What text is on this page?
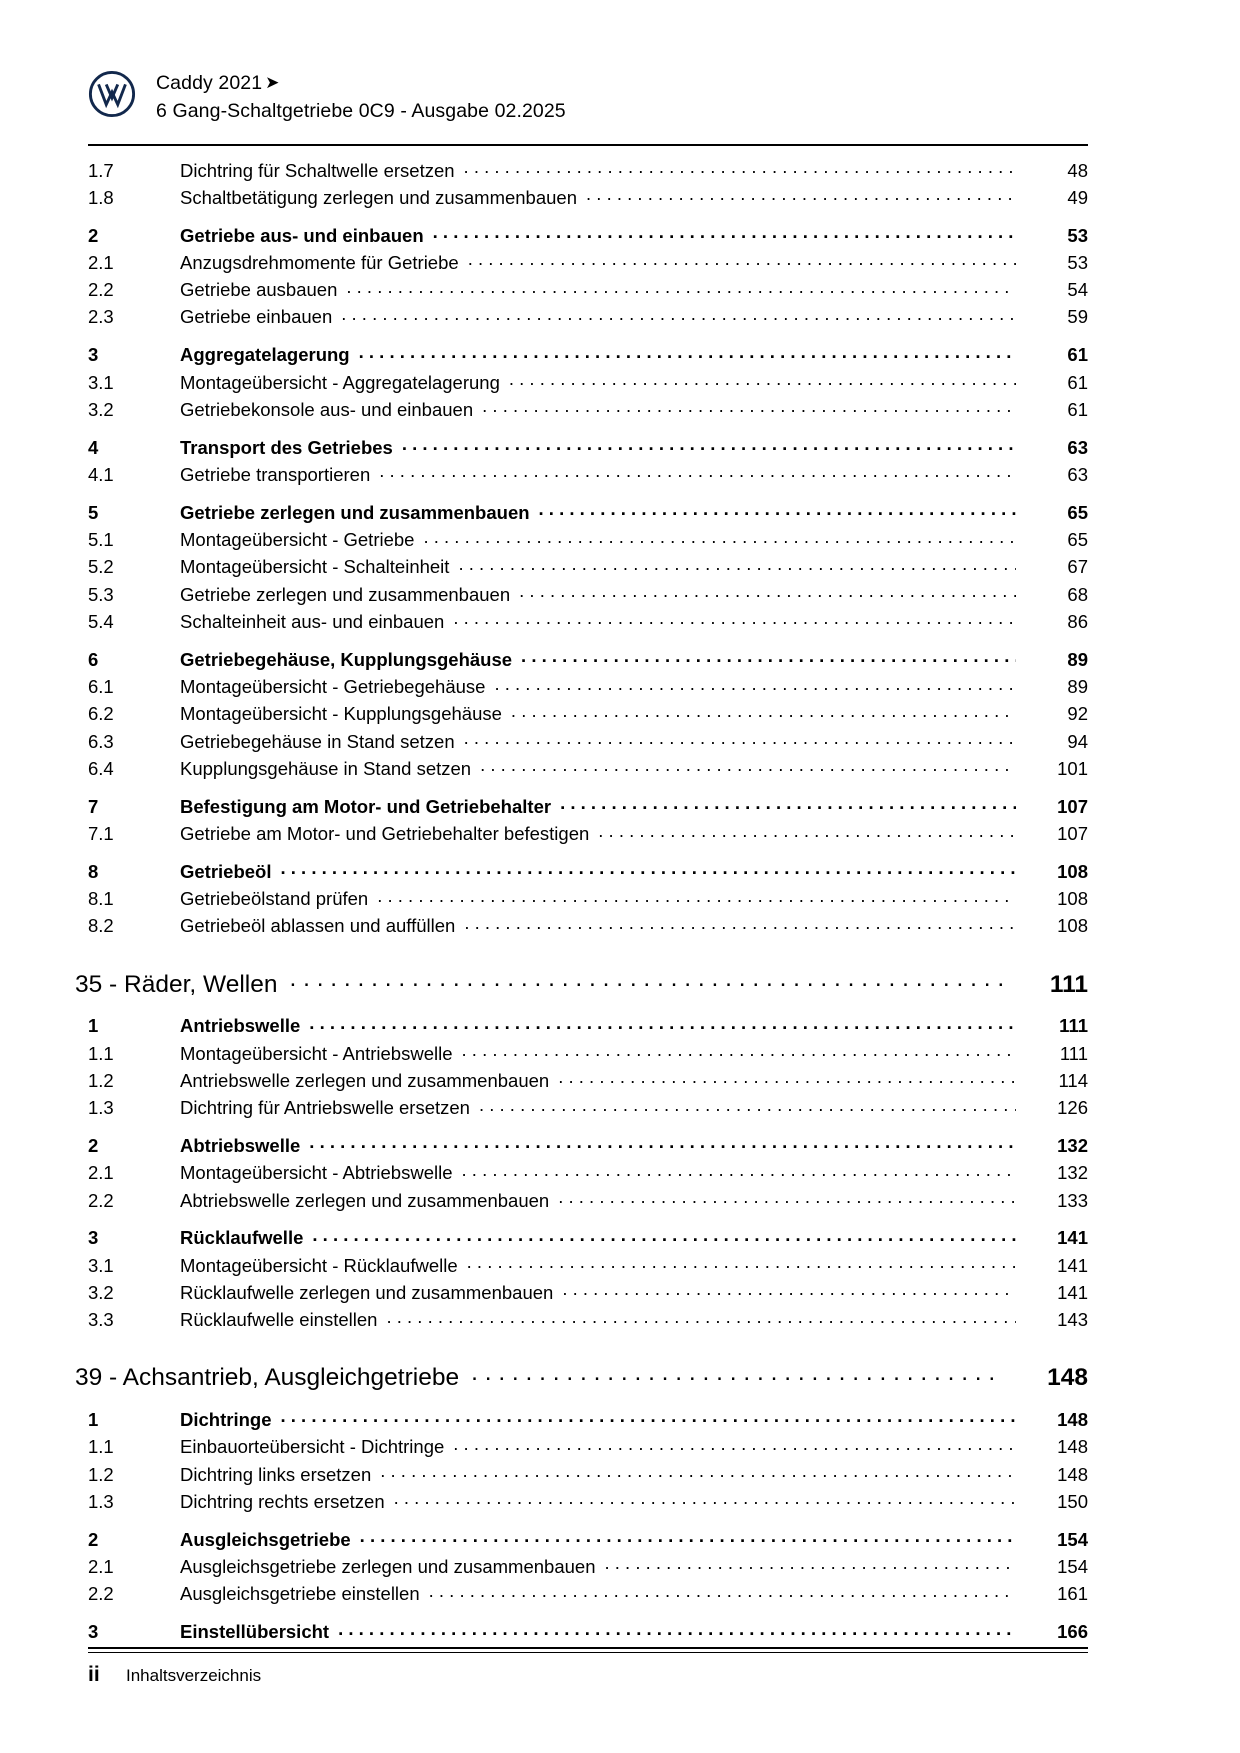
Caddy 2021 ➤
6 Gang-Schaltgetriebe 0C9 - Ausgabe 02.2025
1.7	Dichtring für Schaltwelle ersetzen . . .	48
1.8	Schaltbetätigung zerlegen und zusammenbauen . . .	49
2	Getriebe aus- und einbauen . . .	53
2.1	Anzugsdrehmomente für Getriebe . . .	53
2.2	Getriebe ausbauen . . .	54
2.3	Getriebe einbauen . . .	59
3	Aggregatelagerung . . .	61
3.1	Montageübersicht - Aggregatelagerung . . .	61
3.2	Getriebekonsole aus- und einbauen . . .	61
4	Transport des Getriebes . . .	63
4.1	Getriebe transportieren . . .	63
5	Getriebe zerlegen und zusammenbauen . . .	65
5.1	Montageübersicht - Getriebe . . .	65
5.2	Montageübersicht - Schalteinheit . . .	67
5.3	Getriebe zerlegen und zusammenbauen . . .	68
5.4	Schalteinheit aus- und einbauen . . .	86
6	Getriebegehäuse, Kupplungsgehäuse . . .	89
6.1	Montageübersicht - Getriebegehäuse . . .	89
6.2	Montageübersicht - Kupplungsgehäuse . . .	92
6.3	Getriebegehäuse in Stand setzen . . .	94
6.4	Kupplungsgehäuse in Stand setzen . . .	101
7	Befestigung am Motor- und Getriebehalter . . .	107
7.1	Getriebe am Motor- und Getriebehalter befestigen . . .	107
8	Getriebeöl . . .	108
8.1	Getriebeölstand prüfen . . .	108
8.2	Getriebeöl ablassen und auffüllen . . .	108
35 - Räder, Wellen . . .	111
1	Antriebswelle . . .	111
1.1	Montageübersicht - Antriebswelle . . .	111
1.2	Antriebswelle zerlegen und zusammenbauen . . .	114
1.3	Dichtring für Antriebswelle ersetzen . . .	126
2	Abtriebswelle . . .	132
2.1	Montageübersicht - Abtriebswelle . . .	132
2.2	Abtriebswelle zerlegen und zusammenbauen . . .	133
3	Rücklaufwelle . . .	141
3.1	Montageübersicht - Rücklaufwelle . . .	141
3.2	Rücklaufwelle zerlegen und zusammenbauen . . .	141
3.3	Rücklaufwelle einstellen . . .	143
39 - Achsantrieb, Ausgleichgetriebe . . .	148
1	Dichtringe . . .	148
1.1	Einbauorteübersicht - Dichtringe . . .	148
1.2	Dichtring links ersetzen . . .	148
1.3	Dichtring rechts ersetzen . . .	150
2	Ausgleichsgetriebe . . .	154
2.1	Ausgleichsgetriebe zerlegen und zusammenbauen . . .	154
2.2	Ausgleichsgetriebe einstellen . . .	161
3	Einstellübersicht . . .	166
ii	Inhaltsverzeichnis
